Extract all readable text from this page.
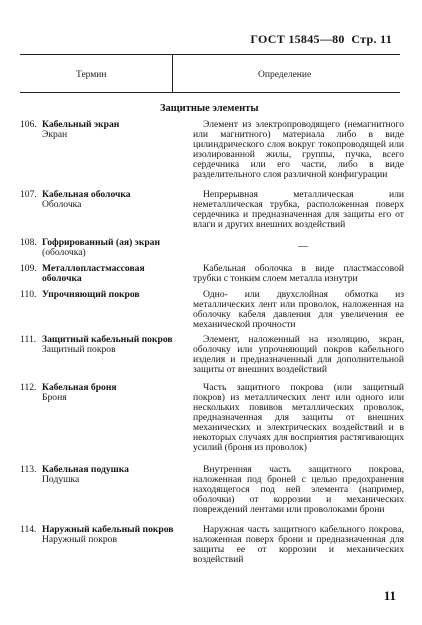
ГОСТ 15845—80 Стр. 11
Термин	Определение
Защитные элементы
106. Кабельный экран
Экран
Элемент из электропроводящего (немагнитного или магнитного) материала либо в виде цилиндрического слоя вокруг токопроводящей или изолированной жилы, группы, пучка, всего сердечника или его части, либо в виде разделительного слоя различной конфигурации
107. Кабельная оболочка
Оболочка
Непрерывная металлическая или неметаллическая трубка, расположенная поверх сердечника и предназначенная для защиты его от влаги и других внешних воздействий
108. Гофрированный (ая) экран
(оболочка)
—
109. Металлопластмассовая оболочка
Кабельная оболочка в виде пластмассовой трубки с тонким слоем металла изнутри
110. Упрочняющий покров	Одно- или двухслойная обмотка из металлических лент или проволок, наложенная на оболочку кабеля давления для увеличения ее механической прочности
111. Защитный кабельный покров
Защитный покров
Элемент, наложенный на изоляцию, экран, оболочку или упрочняющий покров кабельного изделия и предназначенный для дополнительной защиты от внешних воздействий
112. Кабельная броня
Броня
Часть защитного покрова (или защитный покров) из металлических лент или одного или нескольких повивов металлических проволок, предназначенная для защиты от внешних механических и электрических воздействий и в некоторых случаях для восприятия растягивающих усилий (броня из проволок)
113. Кабельная подушка
Подушка
Внутренняя часть защитного покрова, наложенная под броней с целью предохранения находящегося под ней элемента (например, оболочки) от коррозии и механических повреждений лентами или проволоками брони
114. Наружный кабельный покров
Наружный покров
Наружная часть защитного кабельного покрова, наложенная поверх брони и предназначенная для защиты ее от коррозии и механических воздействий
11
